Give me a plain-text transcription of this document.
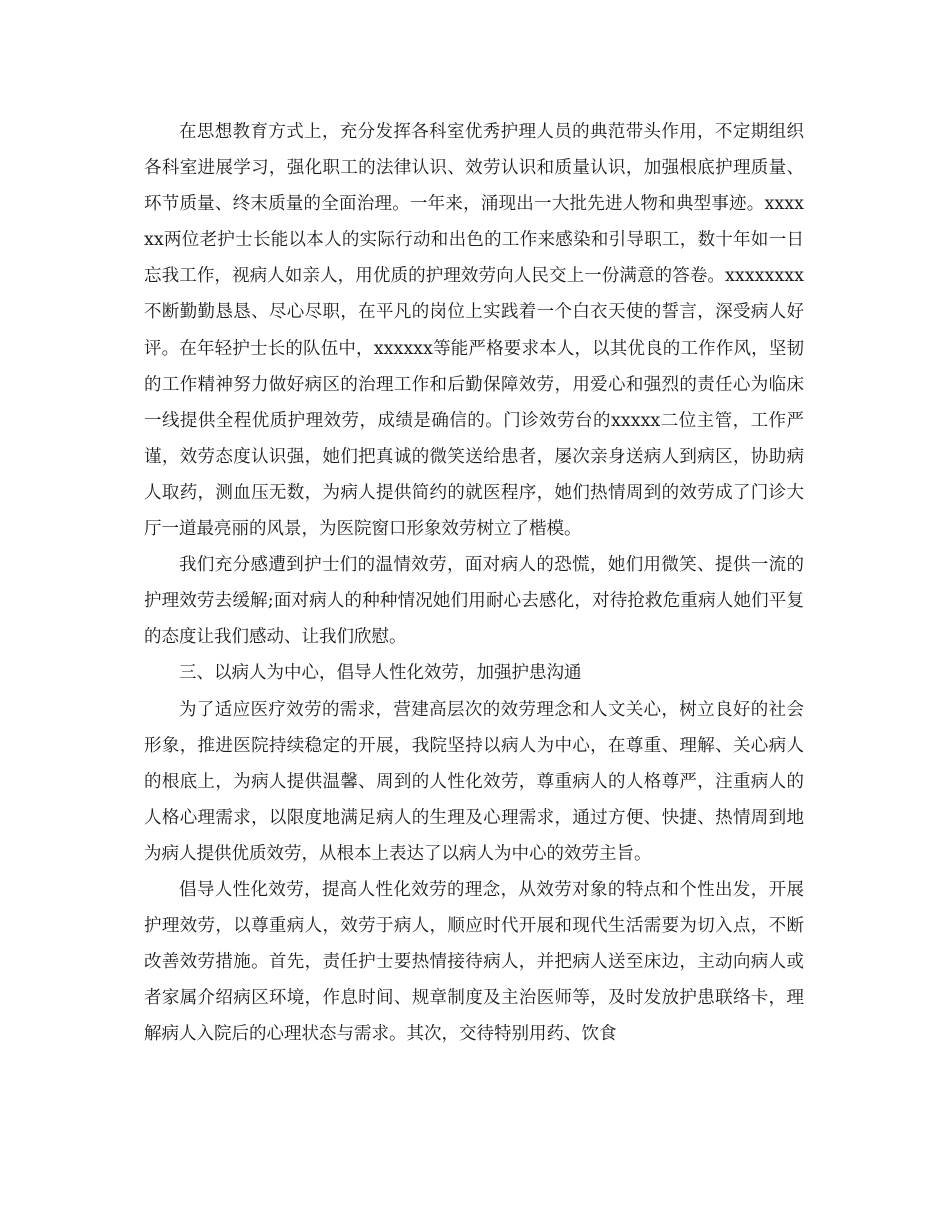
在思想教育方式上，充分发挥各科室优秀护理人员的典范带头作用，不定期组织各科室进展学习，强化职工的法律认识、效劳认识和质量认识，加强根底护理质量、环节质量、终末质量的全面治理。一年来，涌现出一大批先进人物和典型事迹。xxxxxx两位老护士长能以本人的实际行动和出色的工作来感染和引导职工，数十年如一日忘我工作，视病人如亲人，用优质的护理效劳向人民交上一份满意的答卷。xxxxxxxx不断勤勤恳恳、尽心尽职，在平凡的岗位上实践着一个白衣天使的誓言，深受病人好评。在年轻护士长的队伍中，xxxxxx等能严格要求本人，以其优良的工作作风，坚韧的工作精神努力做好病区的治理工作和后勤保障效劳，用爱心和强烈的责任心为临床一线提供全程优质护理效劳，成绩是确信的。门诊效劳台的xxxxx二位主管，工作严谨，效劳态度认识强，她们把真诚的微笑送给患者，屡次亲身送病人到病区，协助病人取药，测血压无数，为病人提供简约的就医程序，她们热情周到的效劳成了门诊大厅一道最亮丽的风景，为医院窗口形象效劳树立了楷模。

我们充分感遭到护士们的温情效劳，面对病人的恐慌，她们用微笑、提供一流的护理效劳去缓解;面对病人的种种情况她们用耐心去感化，对待抢救危重病人她们平复的态度让我们感动、让我们欣慰。

三、以病人为中心，倡导人性化效劳，加强护患沟通

为了适应医疗效劳的需求，营建高层次的效劳理念和人文关心，树立良好的社会形象，推进医院持续稳定的开展，我院坚持以病人为中心，在尊重、理解、关心病人的根底上，为病人提供温馨、周到的人性化效劳，尊重病人的人格尊严，注重病人的人格心理需求，以限度地满足病人的生理及心理需求，通过方便、快捷、热情周到地为病人提供优质效劳，从根本上表达了以病人为中心的效劳主旨。

倡导人性化效劳，提高人性化效劳的理念，从效劳对象的特点和个性出发，开展护理效劳，以尊重病人，效劳于病人，顺应时代开展和现代生活需要为切入点，不断改善效劳措施。首先，责任护士要热情接待病人，并把病人送至床边，主动向病人或者家属介绍病区环境，作息时间、规章制度及主治医师等，及时发放护患联络卡，理解病人入院后的心理状态与需求。其次，交待特别用药、饮食
